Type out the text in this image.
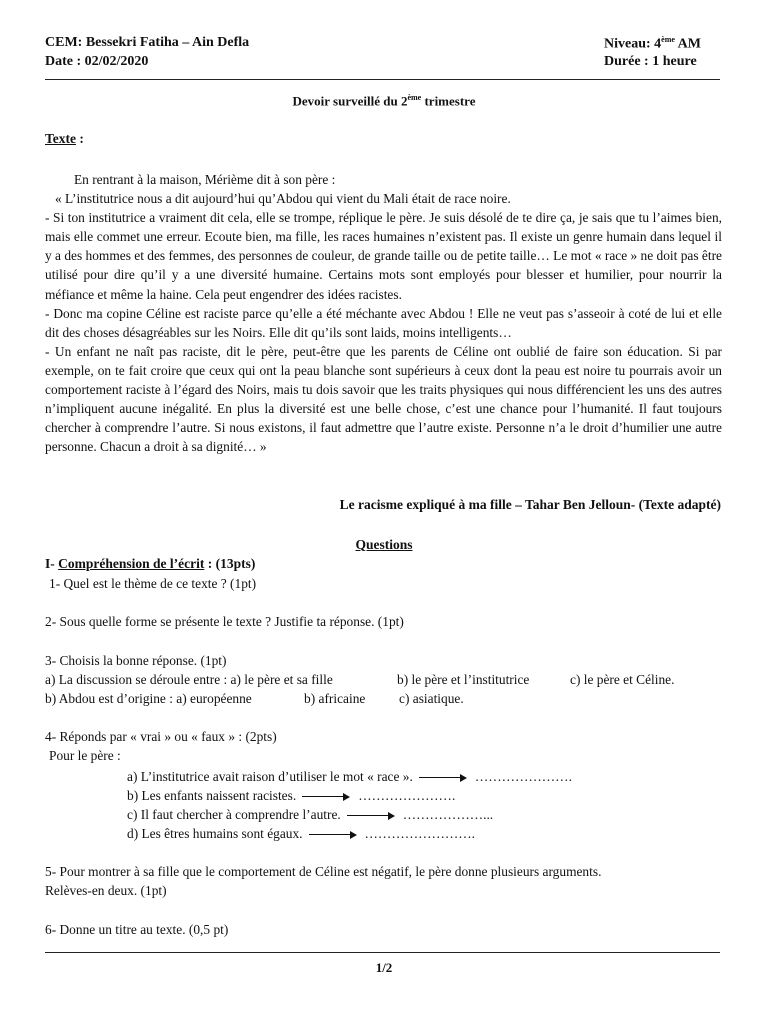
CEM: Bessekri Fatiha – Ain Defla
Date : 02/02/2020
Niveau: 4ème AM
Durée : 1 heure
Devoir surveillé du 2ème trimestre
Texte :

En rentrant à la maison, Mérième dit à son père :

« L’institutrice nous a dit aujourd’hui qu’Abdou qui vient du Mali était de race noire.

- Si ton institutrice a vraiment dit cela, elle se trompe, réplique le père. Je suis désolé de te dire ça, je sais que tu l’aimes bien, mais elle commet une erreur. Ecoute bien, ma fille, les races humaines n’existent pas. Il existe un genre humain dans lequel il y a des hommes et des femmes, des personnes de couleur, de grande taille ou de petite taille… Le mot « race » ne doit pas être utilisé pour dire qu’il y a une diversité humaine. Certains mots sont employés pour blesser et humilier, pour nourrir la méfiance et même la haine. Cela peut engendrer des idées racistes.

- Donc ma copine Céline est raciste parce qu’elle a été méchante avec Abdou ! Elle ne veut pas s’asseoir à coté de lui et elle dit des choses désagréables sur les Noirs. Elle dit qu’ils sont laids, moins intelligents…

- Un enfant ne naît pas raciste, dit le père, peut-être que les parents de Céline ont oublié de faire son éducation. Si par exemple, on te fait croire que ceux qui ont la peau blanche sont supérieurs à ceux dont la peau est noire tu pourrais avoir un comportement raciste à l’égard des Noirs, mais tu dois savoir que les traits physiques qui nous différencient les uns des autres n’impliquent aucune inégalité. En plus la diversité est une belle chose, c’est une chance pour l’humanité. Il faut toujours chercher à comprendre l’autre. Si nous existons, il faut admettre que l’autre existe. Personne n’a le droit d’humilier une autre personne. Chacun a droit à sa dignité… »

Le racisme expliqué à ma fille – Tahar Ben Jelloun- (Texte adapté)
Questions
I- Compréhension de l’écrit : (13pts)
1- Quel est le thème de ce texte ? (1pt)
2- Sous quelle forme se présente le texte ? Justifie ta réponse. (1pt)
3- Choisis la bonne réponse. (1pt)
a) La discussion se déroule entre : a) le père et sa fille	b) le père et l’institutrice	c) le père et Céline.
b) Abdou est d’origine : a) européenne	b) africaine	c) asiatique.
4- Réponds par « vrai » ou « faux » : (2pts)
Pour le père :
a) L’institutrice avait raison d’utiliser le mot « race ».	………………….
b) Les enfants naissent racistes.	………………….
c) Il faut chercher à comprendre l’autre.	………………...
d) Les êtres humains sont égaux.	…………………….
5- Pour montrer à sa fille que le comportement de Céline est négatif, le père donne plusieurs arguments.
Relèves-en deux. (1pt)
6- Donne un titre au texte. (0,5 pt)
1/2
